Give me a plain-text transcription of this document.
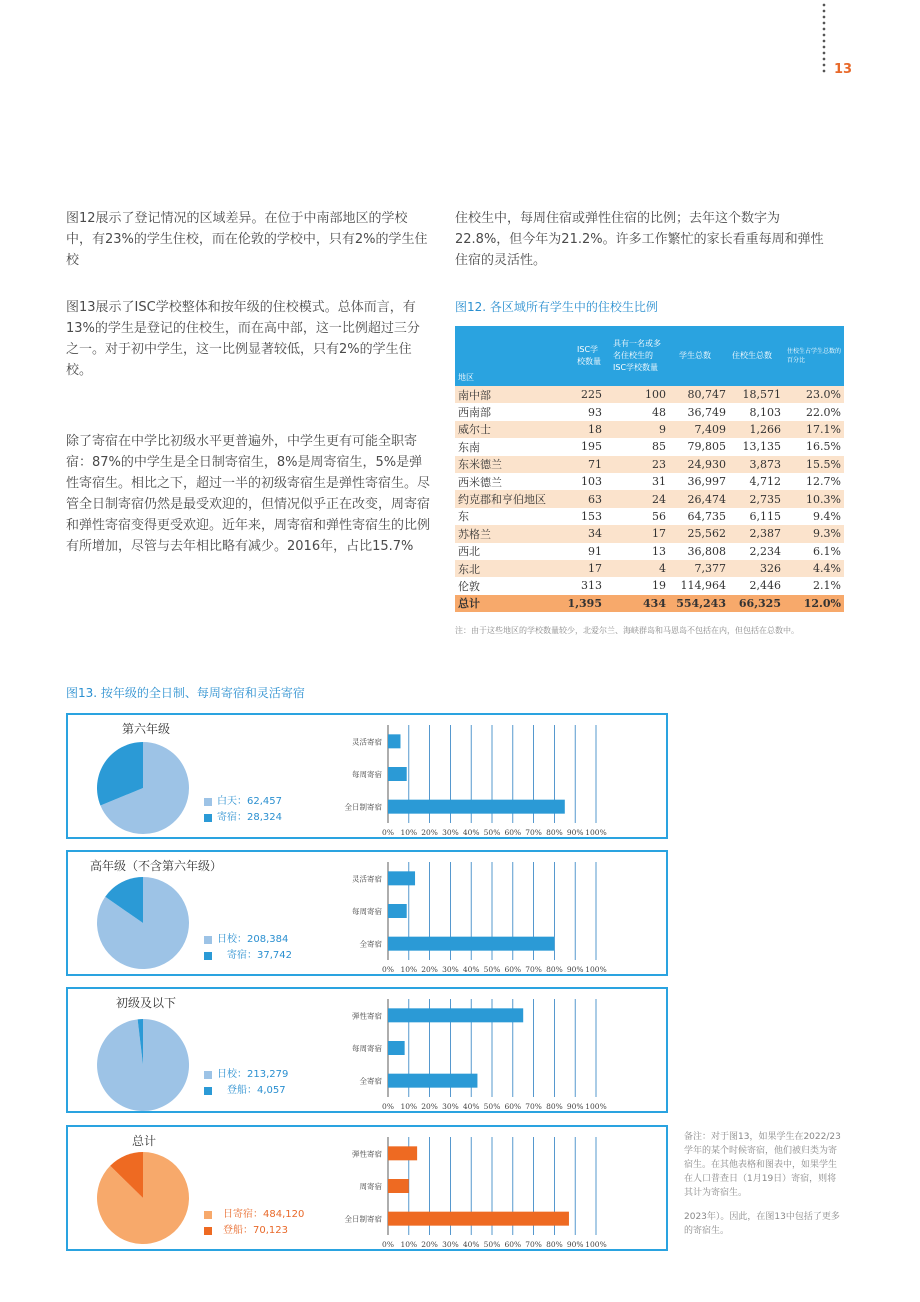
13

图12展示了登记情况的区域差异。在位于中南部地区的学校中，有23%的学生住校，而在伦敦的学校中，只有2%的学生住校

图13展示了ISC学校整体和按年级的住校模式。总体而言，有13%的学生是登记的住校生，而在高中部，这一比例超过三分之一。对于初中学生，这一比例显著较低，只有2%的学生住校。

除了寄宿在中学比初级水平更普遍外，中学生更有可能全职寄宿：87%的中学生是全日制寄宿生，8%是周寄宿生，5%是弹性寄宿生。相比之下，超过一半的初级寄宿生是弹性寄宿生。尽管全日制寄宿仍然是最受欢迎的，但情况似乎正在改变，周寄宿和弹性寄宿变得更受欢迎。近年来，周寄宿和弹性寄宿生的比例有所增加，尽管与去年相比略有减少。2016年，占比15.7%

住校生中，每周住宿或弹性住宿的比例；去年这个数字为22.8%，但今年为21.2%。许多工作繁忙的家长看重每周和弹性住宿的灵活性。

图12. 各区域所有学生中的住校生比例
地区	ISC学校数量	具有一名或多名住校生的ISC学校数量	学生总数	住校生总数	住校生占学生总数的百分比
南中部	225	100	80,747	18,571	23.0%
西南部	93	48	36,749	8,103	22.0%
威尔士	18	9	7,409	1,266	17.1%
东南	195	85	79,805	13,135	16.5%
东米德兰	71	23	24,930	3,873	15.5%
西米德兰	103	31	36,997	4,712	12.7%
约克郡和亨伯地区	63	24	26,474	2,735	10.3%
东	153	56	64,735	6,115	9.4%
苏格兰	34	17	25,562	2,387	9.3%
西北	91	13	36,808	2,234	6.1%
东北	17	4	7,377	326	4.4%
伦敦	313	19	114,964	2,446	2.1%
总计	1,395	434	554,243	66,325	12.0%

注：由于这些地区的学校数量较少，北爱尔兰、海峡群岛和马恩岛不包括在内，但包括在总数中。

图13. 按年级的全日制、每周寄宿和灵活寄宿
第六年级
白天：62,457
寄宿：28,324
0% 10% 20% 30% 40% 50% 60% 70% 80% 90% 100%
灵活寄宿
每周寄宿
全日制寄宿
高年级（不含第六年级）
日校：208,384
寄宿：37,742
0% 10% 20% 30% 40% 50% 60% 70% 80% 90% 100%
灵活寄宿
每周寄宿
全寄宿
初级及以下
日校：213,279
登船：4,057
0% 10% 20% 30% 40% 50% 60% 70% 80% 90% 100%
弹性寄宿
每周寄宿
全寄宿
总计
日寄宿：484,120
登船：70,123
0% 10% 20% 30% 40% 50% 60% 70% 80% 90% 100%
弹性寄宿
周寄宿
全日制寄宿

备注：对于图13，如果学生在2022/23学年的某个时候寄宿，他们被归类为寄宿生。在其他表格和图表中，如果学生在人口普查日（1月19日）寄宿，则将其计为寄宿生。

2023年）。因此，在图13中包括了更多的寄宿生。
